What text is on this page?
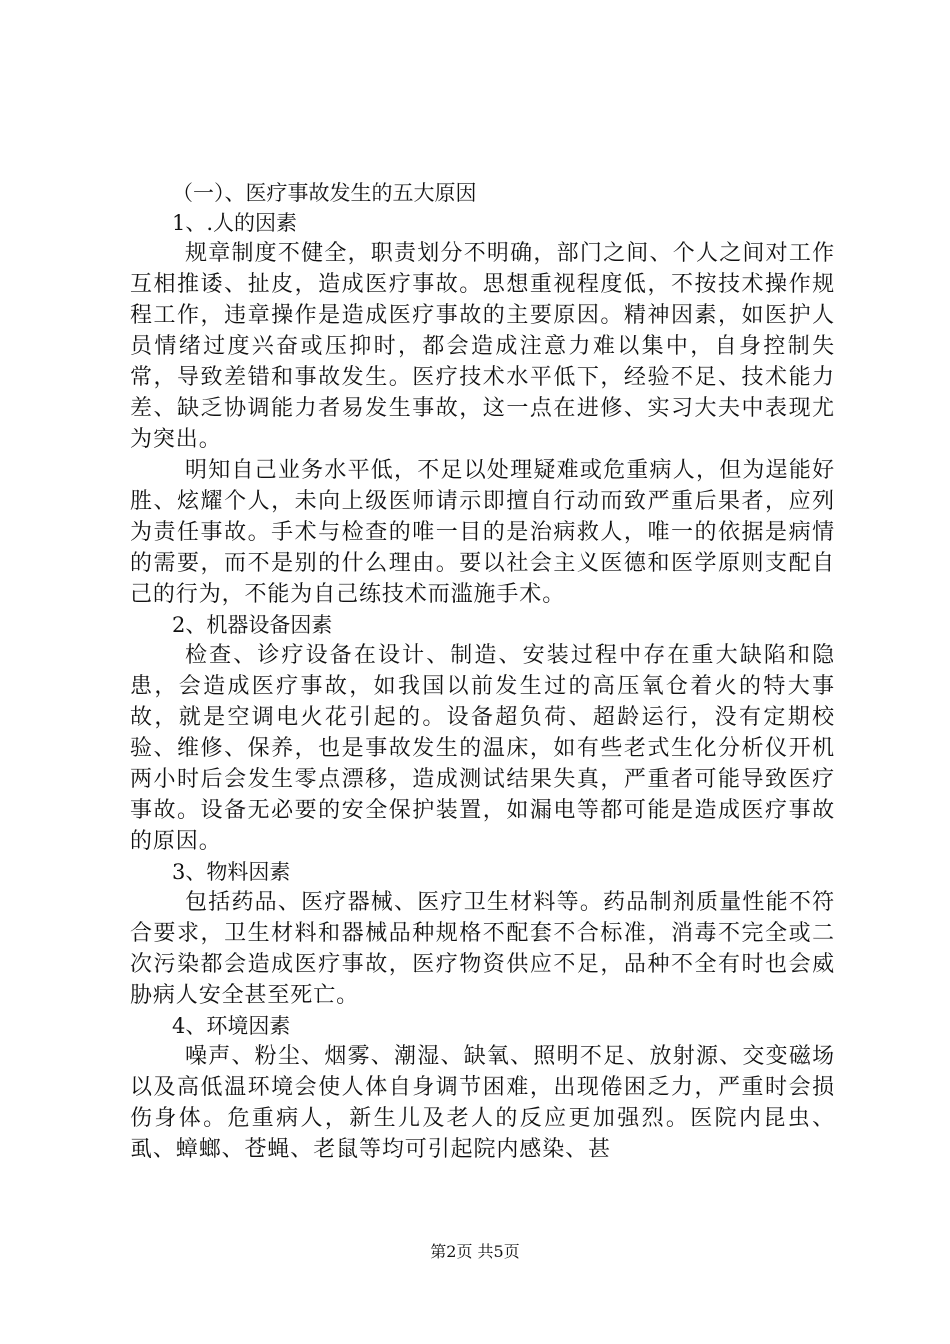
（一）、医疗事故发生的五大原因
1、.人的因素

规章制度不健全，职责划分不明确，部门之间、个人之间对工作互相推诿、扯皮，造成医疗事故。思想重视程度低，不按技术操作规程工作，违章操作是造成医疗事故的主要原因。精神因素，如医护人员情绪过度兴奋或压抑时，都会造成注意力难以集中，自身控制失常，导致差错和事故发生。医疗技术水平低下，经验不足、技术能力差、缺乏协调能力者易发生事故，这一点在进修、实习大夫中表现尤为突出。

明知自己业务水平低，不足以处理疑难或危重病人，但为逞能好胜、炫耀个人，未向上级医师请示即擅自行动而致严重后果者，应列为责任事故。手术与检查的唯一目的是治病救人，唯一的依据是病情的需要，而不是别的什么理由。要以社会主义医德和医学原则支配自己的行为，不能为自己练技术而滥施手术。

2、机器设备因素

检查、诊疗设备在设计、制造、安装过程中存在重大缺陷和隐患，会造成医疗事故，如我国以前发生过的高压氧仓着火的特大事故，就是空调电火花引起的。设备超负荷、超龄运行，没有定期校验、维修、保养，也是事故发生的温床，如有些老式生化分析仪开机两小时后会发生零点漂移，造成测试结果失真，严重者可能导致医疗事故。设备无必要的安全保护装置，如漏电等都可能是造成医疗事故的原因。

3、物料因素

包括药品、医疗器械、医疗卫生材料等。药品制剂质量性能不符合要求，卫生材料和器械品种规格不配套不合标准，消毒不完全或二次污染都会造成医疗事故，医疗物资供应不足，品种不全有时也会威胁病人安全甚至死亡。

4、环境因素

噪声、粉尘、烟雾、潮湿、缺氧、照明不足、放射源、交变磁场以及高低温环境会使人体自身调节困难，出现倦困乏力，严重时会损伤身体。危重病人，新生儿及老人的反应更加强烈。医院内昆虫、虱、蟑螂、苍蝇、老鼠等均可引起院内感染、甚

第2页 共5页
